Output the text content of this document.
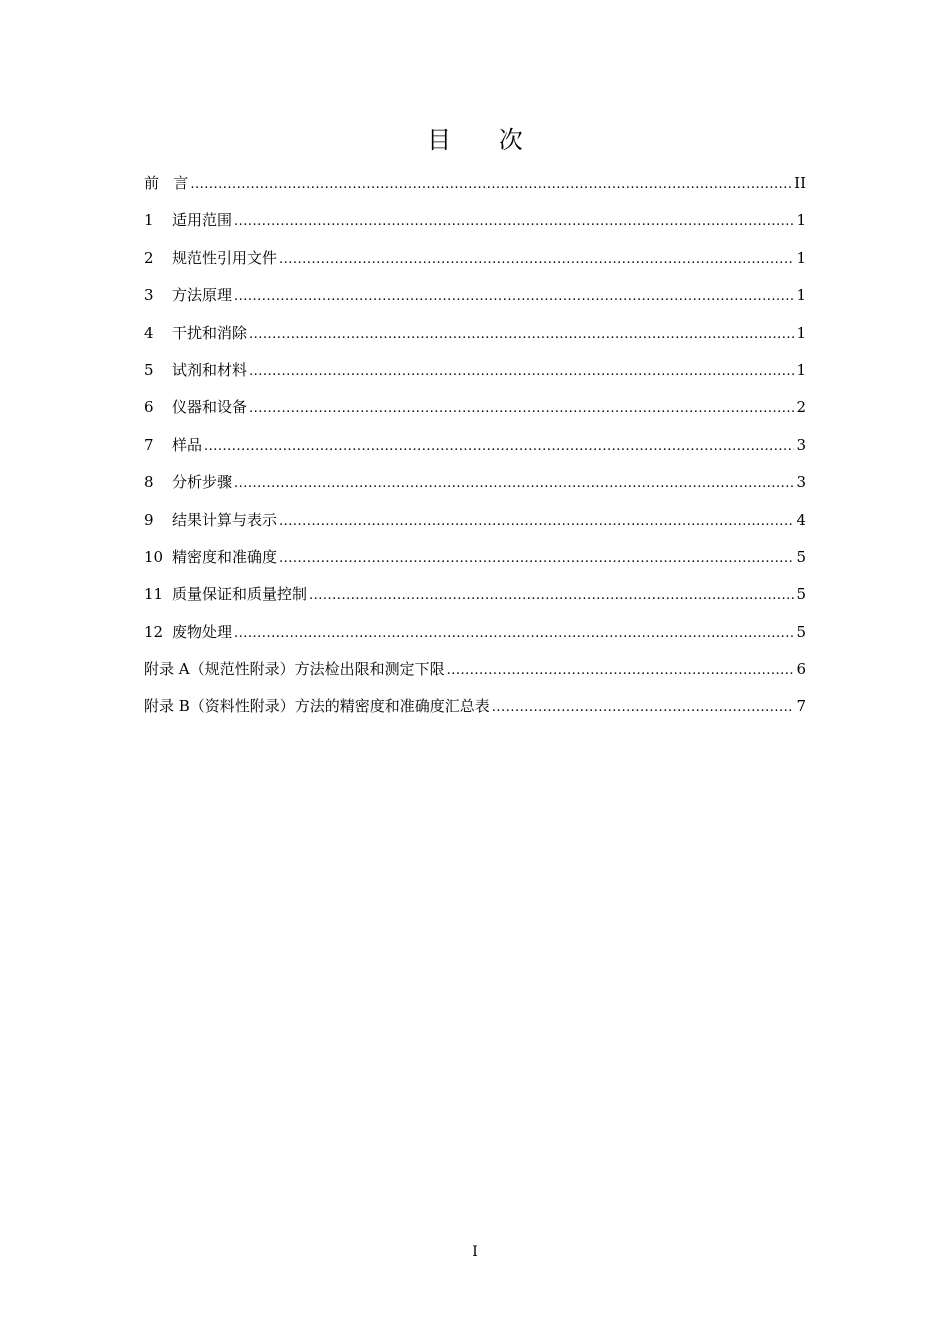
目 次
前   言 .....	II
1	适用范围 .....	1
2	规范性引用文件 .....	1
3	方法原理 .....	1
4	干扰和消除 .....	1
5	试剂和材料 .....	1
6	仪器和设备 .....	2
7	样品 .....	3
8	分析步骤 .....	3
9	结果计算与表示 .....	4
10 精密度和准确度 .....	5
11 质量保证和质量控制 .....	5
12 废物处理 .....	5
附录 A（规范性附录）方法检出限和测定下限 .....	6
附录 B（资料性附录）方法的精密度和准确度汇总表 .....	7
I
